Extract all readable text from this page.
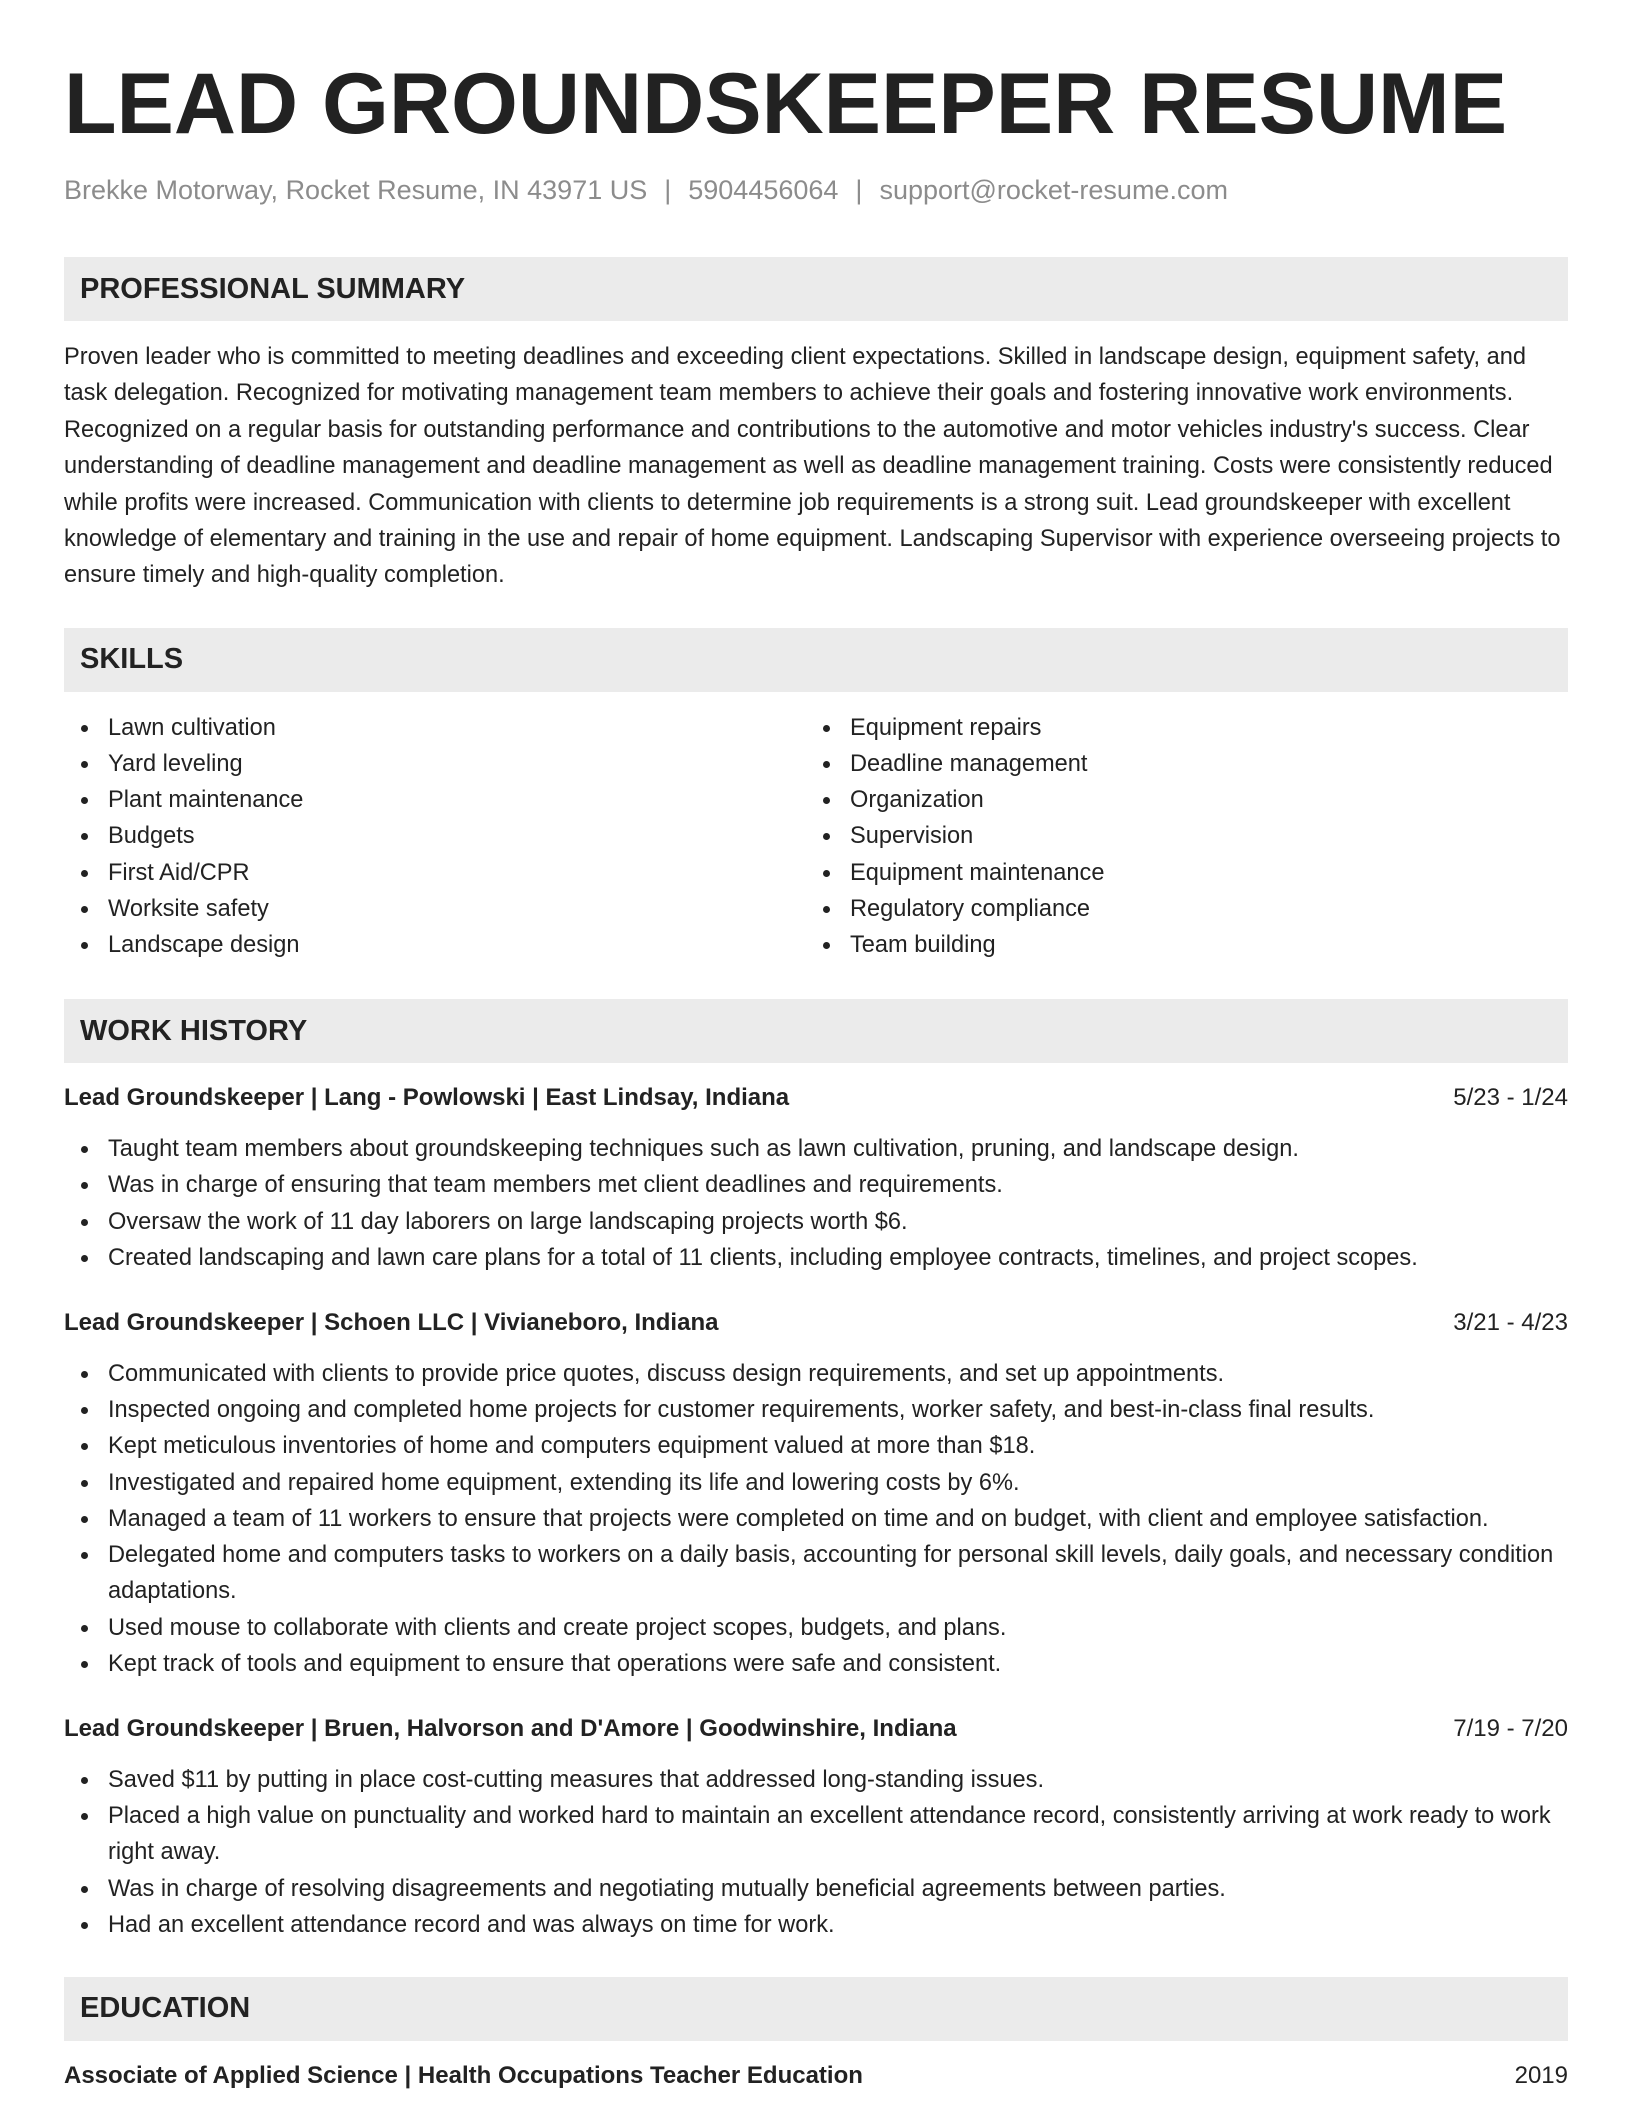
LEAD GROUNDSKEEPER RESUME
Brekke Motorway, Rocket Resume, IN 43971 US | 5904456064 | support@rocket-resume.com
PROFESSIONAL SUMMARY

Proven leader who is committed to meeting deadlines and exceeding client expectations. Skilled in landscape design, equipment safety, and task delegation. Recognized for motivating management team members to achieve their goals and fostering innovative work environments. Recognized on a regular basis for outstanding performance and contributions to the automotive and motor vehicles industry's success. Clear understanding of deadline management and deadline management as well as deadline management training. Costs were consistently reduced while profits were increased. Communication with clients to determine job requirements is a strong suit. Lead groundskeeper with excellent knowledge of elementary and training in the use and repair of home equipment. Landscaping Supervisor with experience overseeing projects to ensure timely and high-quality completion.

SKILLS
Lawn cultivation
Yard leveling
Plant maintenance
Budgets
First Aid/CPR
Worksite safety
Landscape design
Equipment repairs
Deadline management
Organization
Supervision
Equipment maintenance
Regulatory compliance
Team building
WORK HISTORY
Lead Groundskeeper | Lang - Powlowski | East Lindsay, Indiana	5/23 - 1/24
Taught team members about groundskeeping techniques such as lawn cultivation, pruning, and landscape design.
Was in charge of ensuring that team members met client deadlines and requirements.
Oversaw the work of 11 day laborers on large landscaping projects worth $6.
Created landscaping and lawn care plans for a total of 11 clients, including employee contracts, timelines, and project scopes.
Lead Groundskeeper | Schoen LLC | Vivianeboro, Indiana	3/21 - 4/23
Communicated with clients to provide price quotes, discuss design requirements, and set up appointments.
Inspected ongoing and completed home projects for customer requirements, worker safety, and best-in-class final results.
Kept meticulous inventories of home and computers equipment valued at more than $18.
Investigated and repaired home equipment, extending its life and lowering costs by 6%.
Managed a team of 11 workers to ensure that projects were completed on time and on budget, with client and employee satisfaction.
Delegated home and computers tasks to workers on a daily basis, accounting for personal skill levels, daily goals, and necessary condition adaptations.
Used mouse to collaborate with clients and create project scopes, budgets, and plans.
Kept track of tools and equipment to ensure that operations were safe and consistent.
Lead Groundskeeper | Bruen, Halvorson and D'Amore | Goodwinshire, Indiana	7/19 - 7/20
Saved $11 by putting in place cost-cutting measures that addressed long-standing issues.
Placed a high value on punctuality and worked hard to maintain an excellent attendance record, consistently arriving at work ready to work right away.
Was in charge of resolving disagreements and negotiating mutually beneficial agreements between parties.
Had an excellent attendance record and was always on time for work.
EDUCATION
Associate of Applied Science | Health Occupations Teacher Education	2019
